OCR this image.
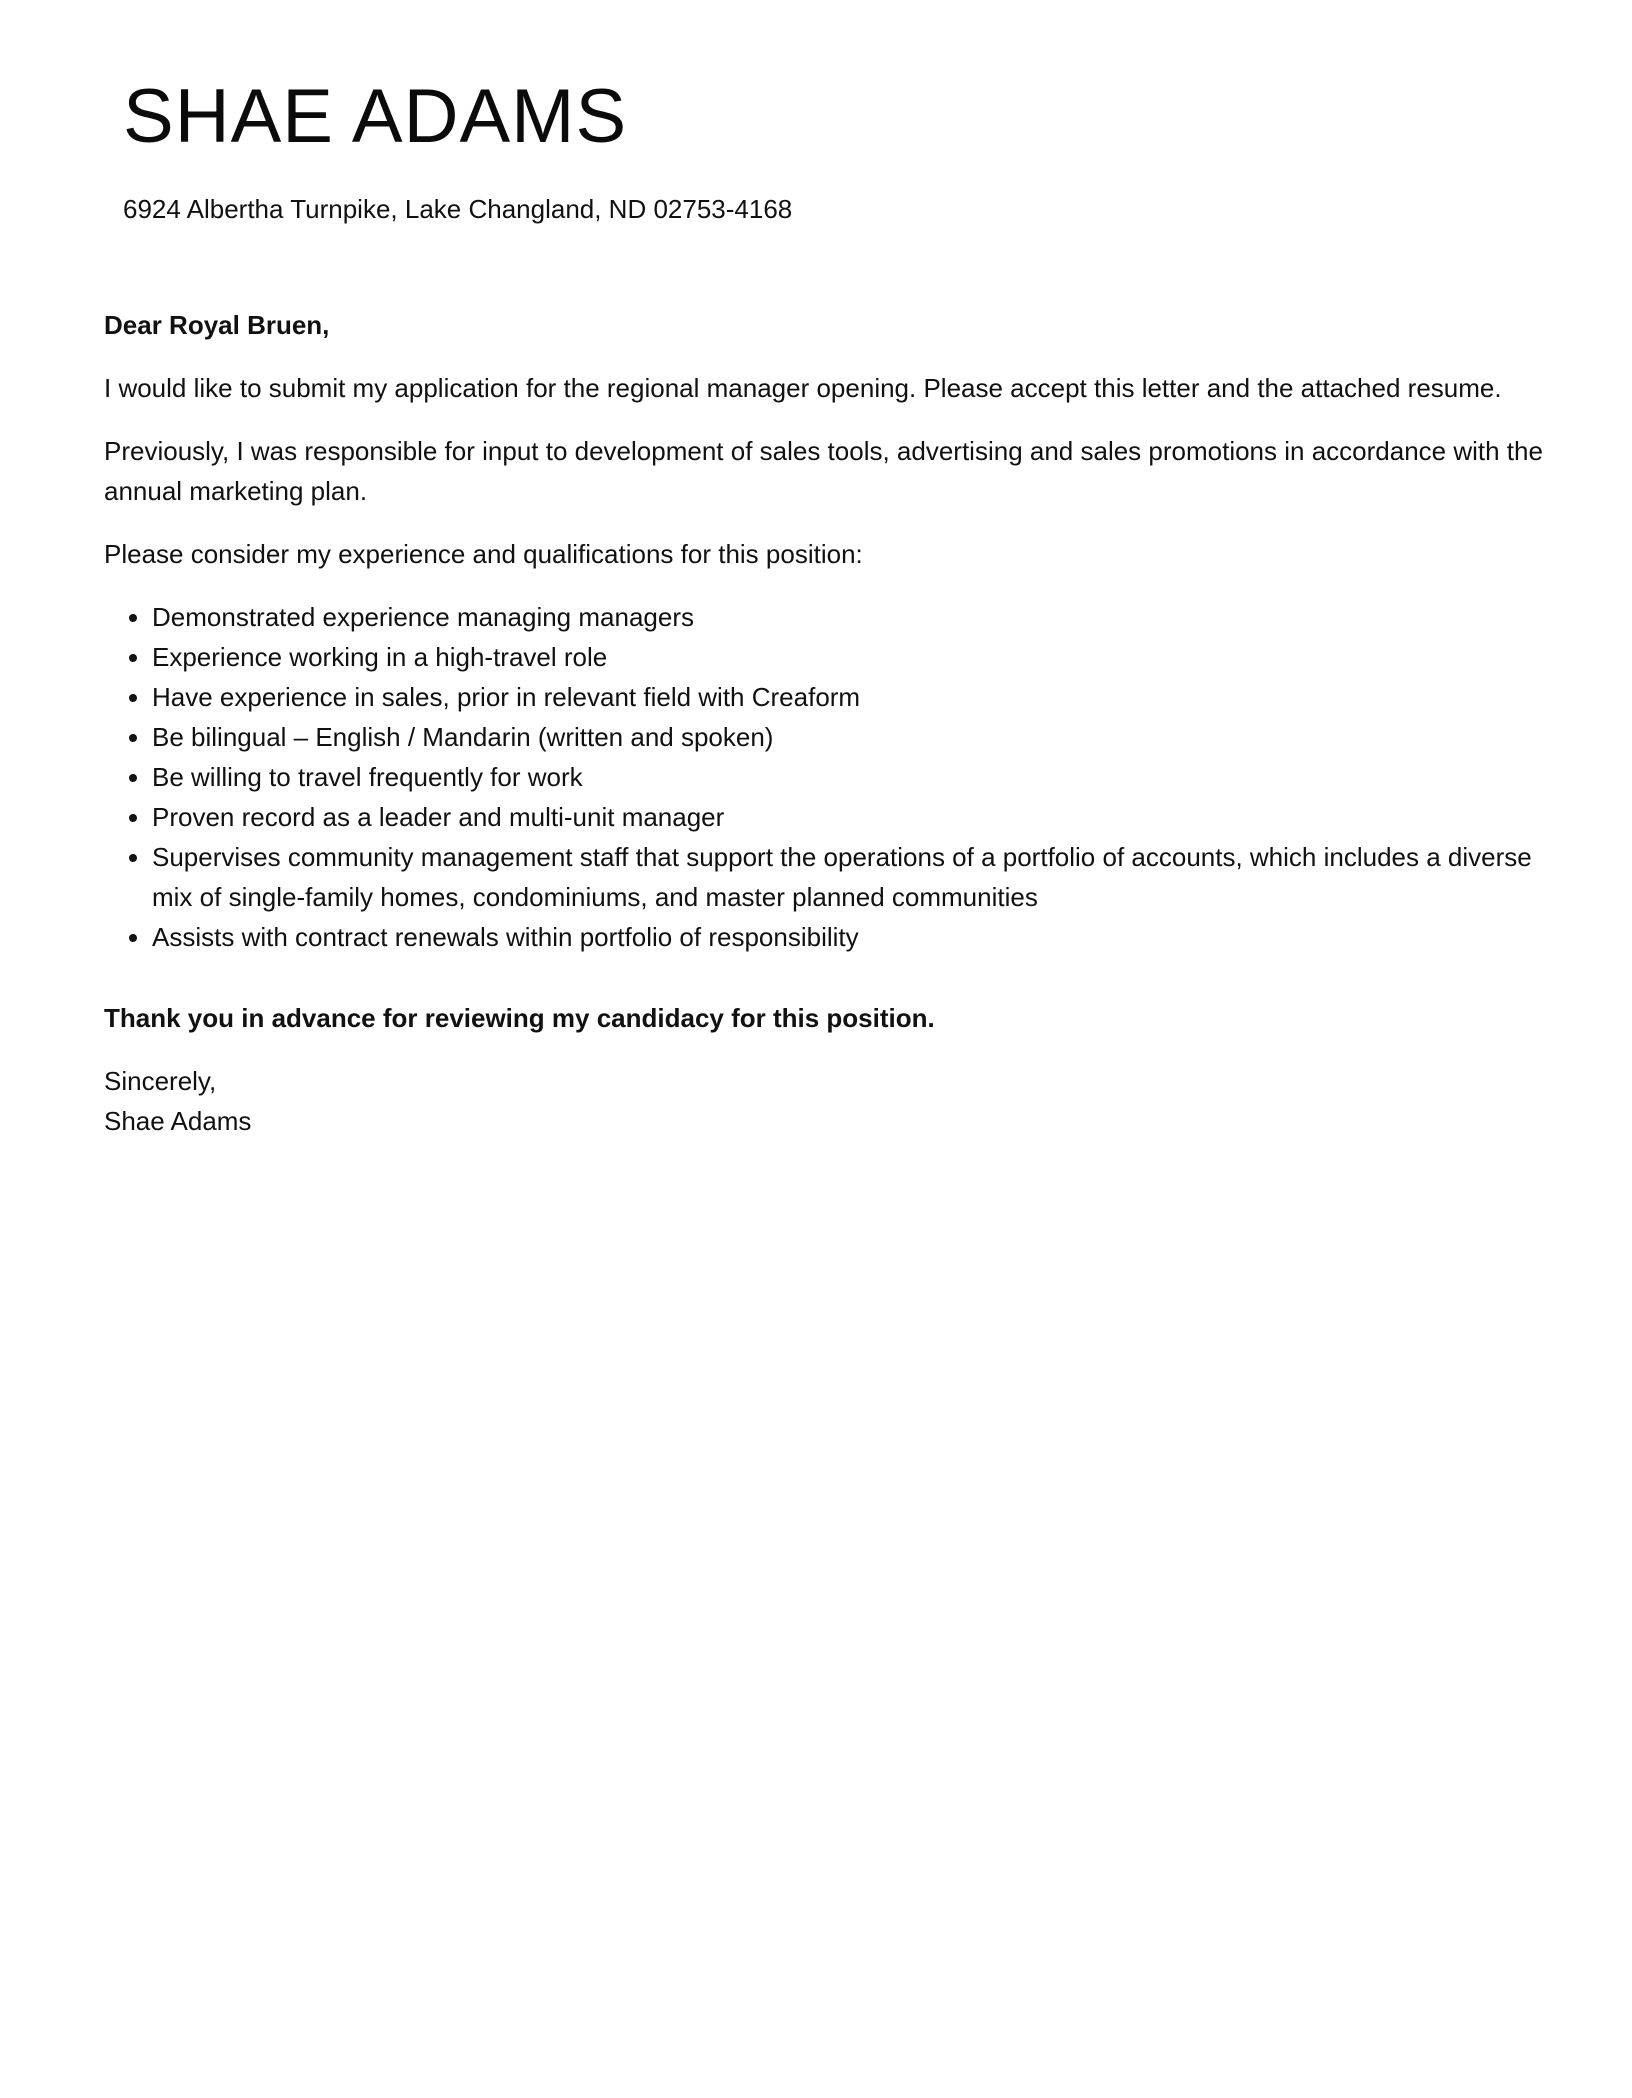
SHAE ADAMS
6924 Albertha Turnpike, Lake Changland, ND 02753-4168

Dear Royal Bruen,

I would like to submit my application for the regional manager opening. Please accept this letter and the attached resume.

Previously, I was responsible for input to development of sales tools, advertising and sales promotions in accordance with the annual marketing plan.

Please consider my experience and qualifications for this position:

• Demonstrated experience managing managers
• Experience working in a high-travel role
• Have experience in sales, prior in relevant field with Creaform
• Be bilingual – English / Mandarin (written and spoken)
• Be willing to travel frequently for work
• Proven record as a leader and multi-unit manager
• Supervises community management staff that support the operations of a portfolio of accounts, which includes a diverse mix of single-family homes, condominiums, and master planned communities
• Assists with contract renewals within portfolio of responsibility

Thank you in advance for reviewing my candidacy for this position.

Sincerely,
Shae Adams
